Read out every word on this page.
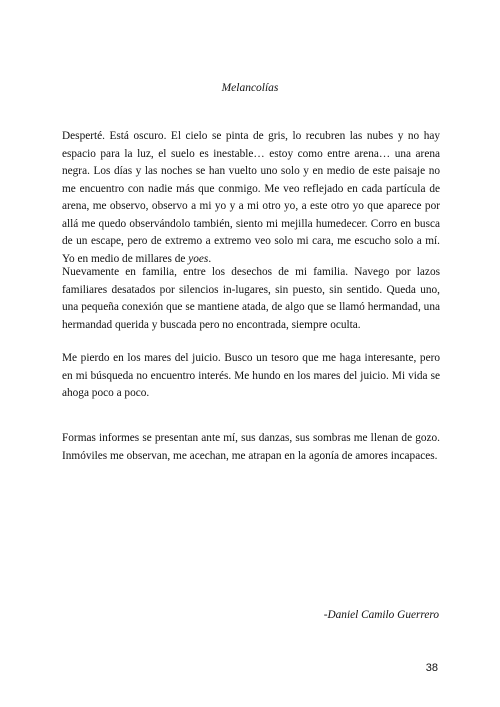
Melancolías

Desperté. Está oscuro. El cielo se pinta de gris, lo recubren las nubes y no hay espacio para la luz, el suelo es inestable… estoy como entre arena… una arena negra. Los días y las noches se han vuelto uno solo y en medio de este paisaje no me encuentro con nadie más que conmigo. Me veo reflejado en cada partícula de arena, me observo, observo a mi yo y a mi otro yo, a este otro yo que aparece por allá me quedo observándolo también, siento mi mejilla humedecer. Corro en busca de un escape, pero de extremo a extremo veo solo mi cara, me escucho solo a mí. Yo en medio de millares de yoes.

Nuevamente en familia, entre los desechos de mi familia. Navego por lazos familiares desatados por silencios in-lugares, sin puesto, sin sentido. Queda uno, una pequeña conexión que se mantiene atada, de algo que se llamó hermandad, una hermandad querida y buscada pero no encontrada, siempre oculta.

Me pierdo en los mares del juicio. Busco un tesoro que me haga interesante, pero en mi búsqueda no encuentro interés. Me hundo en los mares del juicio. Mi vida se ahoga poco a poco.

Formas informes se presentan ante mí, sus danzas, sus sombras me llenan de gozo. Inmóviles me observan, me acechan, me atrapan en la agonía de amores incapaces.

-Daniel Camilo Guerrero
38
